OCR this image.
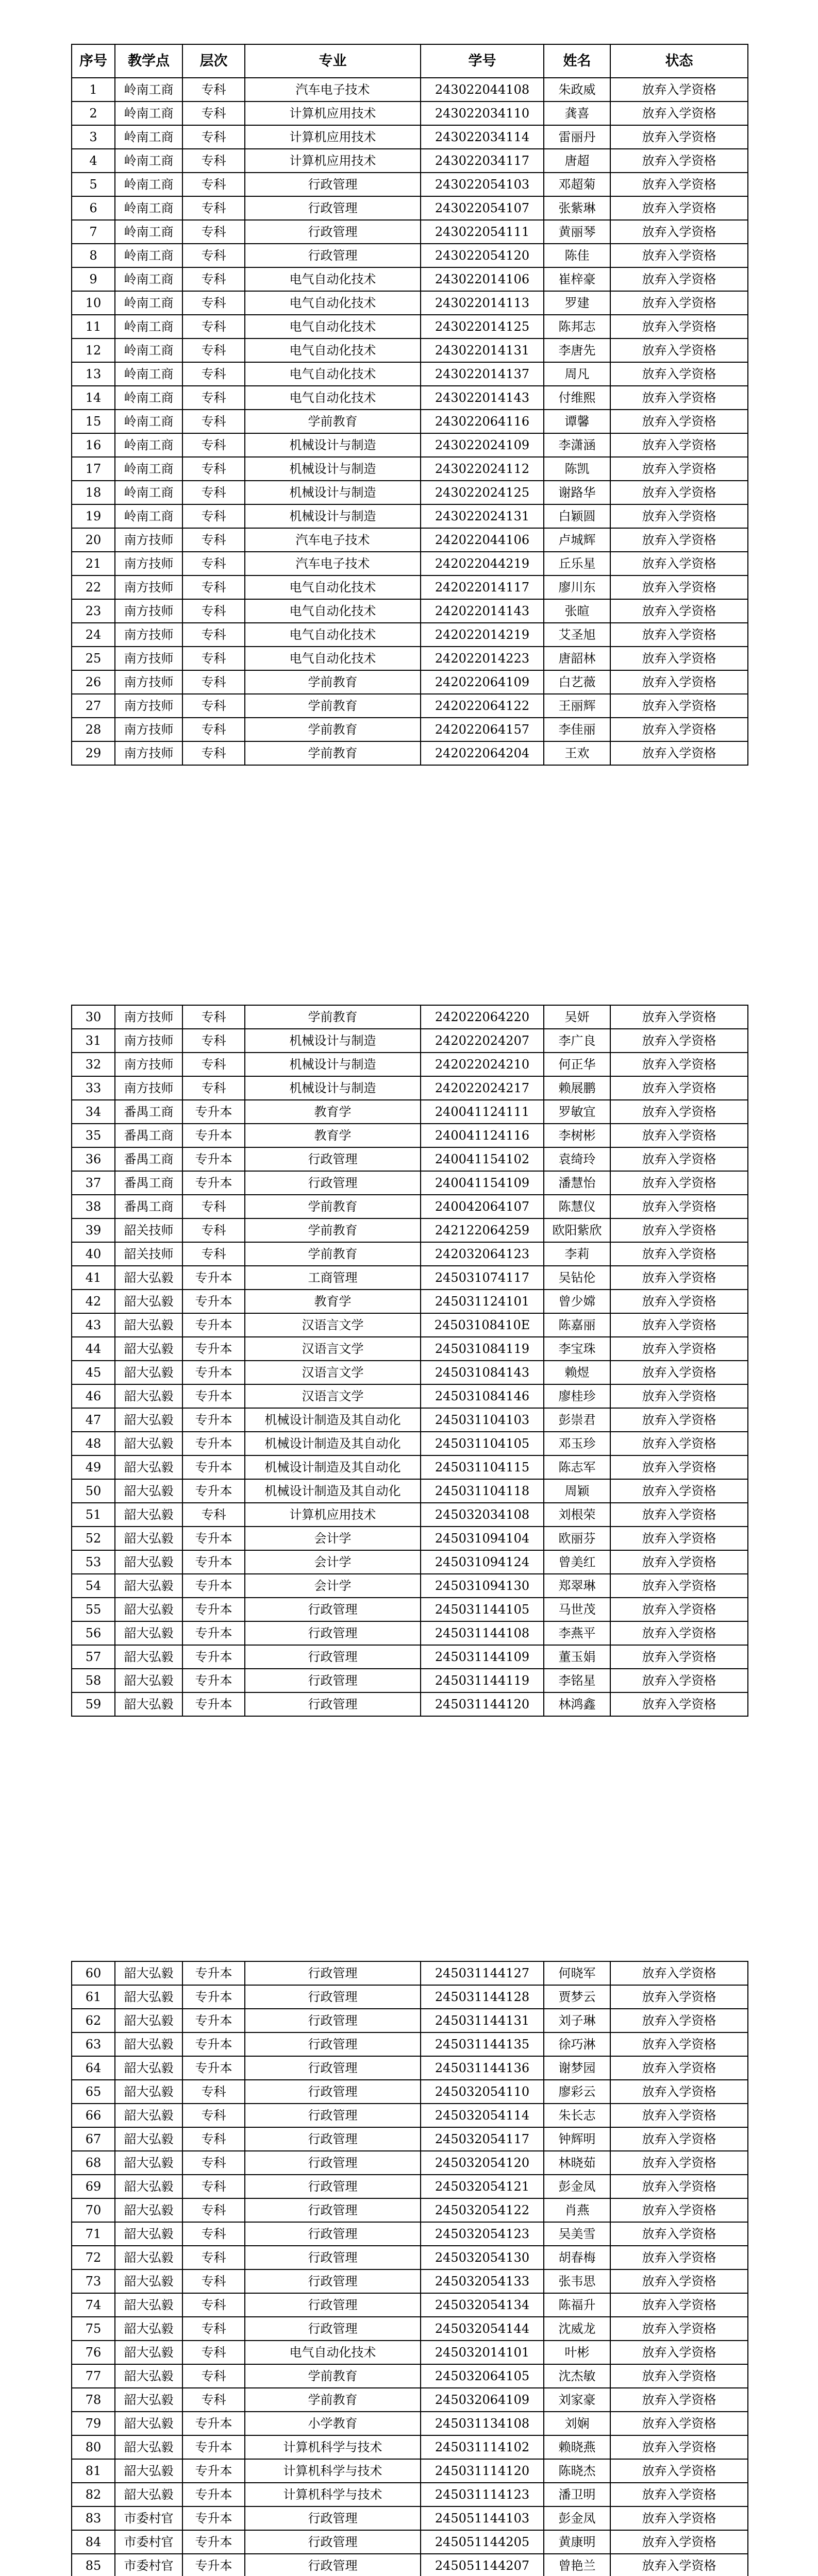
序号	教学点	层次	专业	学号	姓名	状态
1	岭南工商	专科	汽车电子技术	243022044108	朱政威	放弃入学资格
2	岭南工商	专科	计算机应用技术	243022034110	龚喜	放弃入学资格
3	岭南工商	专科	计算机应用技术	243022034114	雷丽丹	放弃入学资格
4	岭南工商	专科	计算机应用技术	243022034117	唐超	放弃入学资格
5	岭南工商	专科	行政管理	243022054103	邓超菊	放弃入学资格
6	岭南工商	专科	行政管理	243022054107	张紫琳	放弃入学资格
7	岭南工商	专科	行政管理	243022054111	黄丽琴	放弃入学资格
8	岭南工商	专科	行政管理	243022054120	陈佳	放弃入学资格
9	岭南工商	专科	电气自动化技术	243022014106	崔梓豪	放弃入学资格
10	岭南工商	专科	电气自动化技术	243022014113	罗建	放弃入学资格
11	岭南工商	专科	电气自动化技术	243022014125	陈邦志	放弃入学资格
12	岭南工商	专科	电气自动化技术	243022014131	李唐先	放弃入学资格
13	岭南工商	专科	电气自动化技术	243022014137	周凡	放弃入学资格
14	岭南工商	专科	电气自动化技术	243022014143	付维熙	放弃入学资格
15	岭南工商	专科	学前教育	243022064116	谭馨	放弃入学资格
16	岭南工商	专科	机械设计与制造	243022024109	李潇涵	放弃入学资格
17	岭南工商	专科	机械设计与制造	243022024112	陈凯	放弃入学资格
18	岭南工商	专科	机械设计与制造	243022024125	谢路华	放弃入学资格
19	岭南工商	专科	机械设计与制造	243022024131	白颖圆	放弃入学资格
20	南方技师	专科	汽车电子技术	242022044106	卢城辉	放弃入学资格
21	南方技师	专科	汽车电子技术	242022044219	丘乐星	放弃入学资格
22	南方技师	专科	电气自动化技术	242022014117	廖川东	放弃入学资格
23	南方技师	专科	电气自动化技术	242022014143	张暄	放弃入学资格
24	南方技师	专科	电气自动化技术	242022014219	艾圣旭	放弃入学资格
25	南方技师	专科	电气自动化技术	242022014223	唐韶林	放弃入学资格
26	南方技师	专科	学前教育	242022064109	白艺薇	放弃入学资格
27	南方技师	专科	学前教育	242022064122	王丽辉	放弃入学资格
28	南方技师	专科	学前教育	242022064157	李佳丽	放弃入学资格
29	南方技师	专科	学前教育	242022064204	王欢	放弃入学资格
30	南方技师	专科	学前教育	242022064220	吴妍	放弃入学资格
31	南方技师	专科	机械设计与制造	242022024207	李广良	放弃入学资格
32	南方技师	专科	机械设计与制造	242022024210	何正华	放弃入学资格
33	南方技师	专科	机械设计与制造	242022024217	赖展鹏	放弃入学资格
34	番禺工商	专升本	教育学	240041124111	罗敏宜	放弃入学资格
35	番禺工商	专升本	教育学	240041124116	李树彬	放弃入学资格
36	番禺工商	专升本	行政管理	240041154102	袁绮玲	放弃入学资格
37	番禺工商	专升本	行政管理	240041154109	潘慧怡	放弃入学资格
38	番禺工商	专科	学前教育	240042064107	陈慧仪	放弃入学资格
39	韶关技师	专科	学前教育	242122064259	欧阳紫欣	放弃入学资格
40	韶关技师	专科	学前教育	242032064123	李莉	放弃入学资格
41	韶大弘毅	专升本	工商管理	245031074117	吴钻伦	放弃入学资格
42	韶大弘毅	专升本	教育学	245031124101	曾少嫦	放弃入学资格
43	韶大弘毅	专升本	汉语言文学	24503108410E	陈嘉丽	放弃入学资格
44	韶大弘毅	专升本	汉语言文学	245031084119	李宝珠	放弃入学资格
45	韶大弘毅	专升本	汉语言文学	245031084143	赖煜	放弃入学资格
46	韶大弘毅	专升本	汉语言文学	245031084146	廖桂珍	放弃入学资格
47	韶大弘毅	专升本	机械设计制造及其自动化	245031104103	彭崇君	放弃入学资格
48	韶大弘毅	专升本	机械设计制造及其自动化	245031104105	邓玉珍	放弃入学资格
49	韶大弘毅	专升本	机械设计制造及其自动化	245031104115	陈志军	放弃入学资格
50	韶大弘毅	专升本	机械设计制造及其自动化	245031104118	周颖	放弃入学资格
51	韶大弘毅	专科	计算机应用技术	245032034108	刘根荣	放弃入学资格
52	韶大弘毅	专升本	会计学	245031094104	欧丽芬	放弃入学资格
53	韶大弘毅	专升本	会计学	245031094124	曾美红	放弃入学资格
54	韶大弘毅	专升本	会计学	245031094130	郑翠琳	放弃入学资格
55	韶大弘毅	专升本	行政管理	245031144105	马世茂	放弃入学资格
56	韶大弘毅	专升本	行政管理	245031144108	李燕平	放弃入学资格
57	韶大弘毅	专升本	行政管理	245031144109	董玉娟	放弃入学资格
58	韶大弘毅	专升本	行政管理	245031144119	李铭星	放弃入学资格
59	韶大弘毅	专升本	行政管理	245031144120	林鸿鑫	放弃入学资格
60	韶大弘毅	专升本	行政管理	245031144127	何晓军	放弃入学资格
61	韶大弘毅	专升本	行政管理	245031144128	贾梦云	放弃入学资格
62	韶大弘毅	专升本	行政管理	245031144131	刘子琳	放弃入学资格
63	韶大弘毅	专升本	行政管理	245031144135	徐巧淋	放弃入学资格
64	韶大弘毅	专升本	行政管理	245031144136	谢梦园	放弃入学资格
65	韶大弘毅	专科	行政管理	245032054110	廖彩云	放弃入学资格
66	韶大弘毅	专科	行政管理	245032054114	朱长志	放弃入学资格
67	韶大弘毅	专科	行政管理	245032054117	钟辉明	放弃入学资格
68	韶大弘毅	专科	行政管理	245032054120	林晓茹	放弃入学资格
69	韶大弘毅	专科	行政管理	245032054121	彭金凤	放弃入学资格
70	韶大弘毅	专科	行政管理	245032054122	肖燕	放弃入学资格
71	韶大弘毅	专科	行政管理	245032054123	吴美雪	放弃入学资格
72	韶大弘毅	专科	行政管理	245032054130	胡春梅	放弃入学资格
73	韶大弘毅	专科	行政管理	245032054133	张韦思	放弃入学资格
74	韶大弘毅	专科	行政管理	245032054134	陈福升	放弃入学资格
75	韶大弘毅	专科	行政管理	245032054144	沈威龙	放弃入学资格
76	韶大弘毅	专科	电气自动化技术	245032014101	叶彬	放弃入学资格
77	韶大弘毅	专科	学前教育	245032064105	沈杰敏	放弃入学资格
78	韶大弘毅	专科	学前教育	245032064109	刘家豪	放弃入学资格
79	韶大弘毅	专升本	小学教育	245031134108	刘娴	放弃入学资格
80	韶大弘毅	专升本	计算机科学与技术	245031114102	赖晓燕	放弃入学资格
81	韶大弘毅	专升本	计算机科学与技术	245031114120	陈晓杰	放弃入学资格
82	韶大弘毅	专升本	计算机科学与技术	245031114123	潘卫明	放弃入学资格
83	市委村官	专升本	行政管理	245051144103	彭金凤	放弃入学资格
84	市委村官	专升本	行政管理	245051144205	黄康明	放弃入学资格
85	市委村官	专升本	行政管理	245051144207	曾艳兰	放弃入学资格
